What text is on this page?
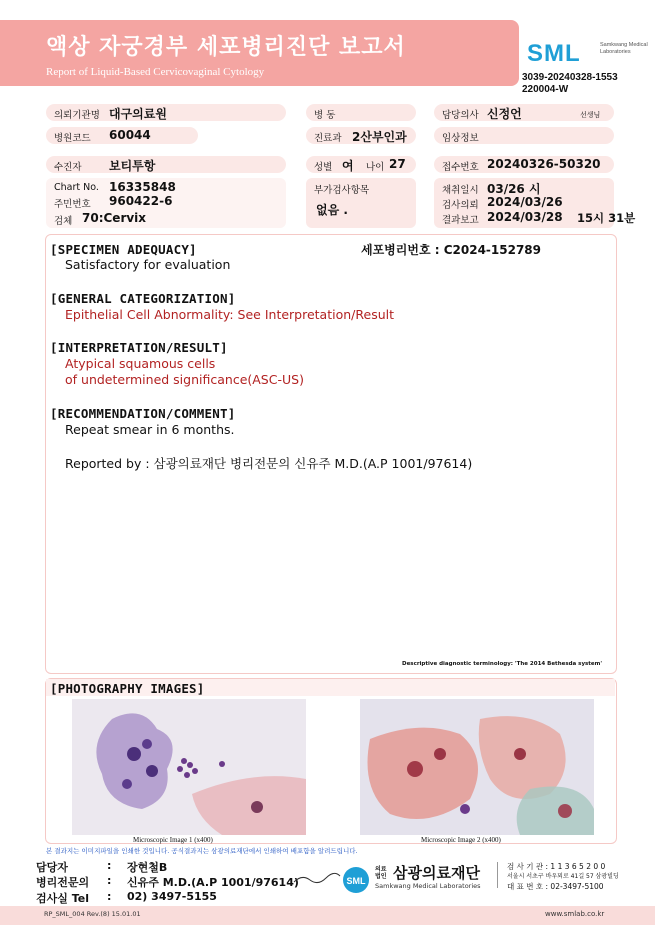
액상 자궁경부 세포병리진단 보고서
Report of Liquid-Based Cervicovaginal Cytology
SML	Samkwang Medical Laboratories
3039-20240328-1553
220004-W
의뢰기관명 대구의료원	병 동	담당의사 신정언	선생님
병원코드 60044	진료과 2산부인과	임상정보
수진자 보티투항	성별 여 나이 27	접수번호 20240326-50320
Chart No. 16335848
주민번호 960422-6
검체 70:Cervix
부가검사항목
없음 .
채취일시 03/26 시
검사의뢰 2024/03/26
결과보고 2024/03/28 15시 31분
[SPECIMEN ADEQUACY]	세포병리번호 : C2024-152789
Satisfactory for evaluation
[GENERAL CATEGORIZATION]
Epithelial Cell Abnormality: See Interpretation/Result
[INTERPRETATION/RESULT]
Atypical squamous cells
of undetermined significance(ASC-US)
[RECOMMENDATION/COMMENT]
Repeat smear in 6 months.
Reported by : 삼광의료재단 병리전문의 신유주 M.D.(A.P 1001/97614)
Descriptive diagnostic terminology: 'The 2014 Bethesda system'
[PHOTOGRAPHY IMAGES]
Microscopic Image 1 (x400)	Microscopic Image 2 (x400)
본 결과지는 이미지파일을 인쇄한 것입니다. 공식결과지는 삼광의료재단에서 인쇄하여 배포함을 알려드립니다.
담당자	: 장현철B
병리전문의 : 신유주 M.D.(A.P 1001/97614)
검사실 Tel : 02) 3497-5155
SML
의료
법인 삼광의료재단
Samkwang Medical Laboratories
검 사 기 관 : 1 1 3 6 5 2 0 0
서울시 서초구 바우뫼로 41길 57 삼광빌딩
대 표 번 호 : 02-3497-5100
RP_SML_004 Rev.(8) 15.01.01	www.smlab.co.kr
